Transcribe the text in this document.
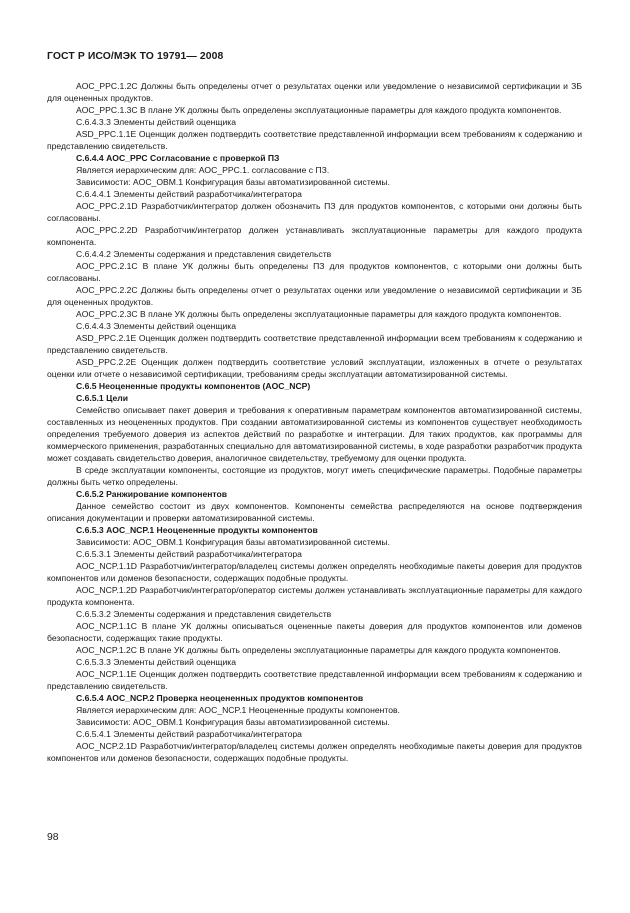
ГОСТ Р ИСО/МЭК ТО 19791— 2008

AOC_PPC.1.2C Должны быть определены отчет о результатах оценки или уведомление о независимой сертификации и ЗБ для оцененных продуктов.

AOC_PPC.1.3C В плане УК должны быть определены эксплуатационные параметры для каждого продукта компонентов.

С.6.4.3.3 Элементы действий оценщика

ASD_PPC.1.1E Оценщик должен подтвердить соответствие представленной информации всем требованиям к содержанию и представлению свидетельств.

С.6.4.4 AOC_PPC Согласование с проверкой ПЗ

Является иерархическим для: AOC_PPC.1. согласование с ПЗ.

Зависимости: AOC_OBM.1 Конфигурация базы автоматизированной системы.

С.6.4.4.1 Элементы действий разработчика/интегратора

AOC_PPC.2.1D Разработчик/интегратор должен обозначить ПЗ для продуктов компонентов, с которыми они должны быть согласованы.

AOC_PPC.2.2D Разработчик/интегратор должен устанавливать эксплуатационные параметры для каждого продукта компонента.

С.6.4.4.2 Элементы содержания и представления свидетельств

AOC_PPC.2.1C В плане УК должны быть определены ПЗ для продуктов компонентов, с которыми они должны быть согласованы.

AOC_PPC.2.2C Должны быть определены отчет о результатах оценки или уведомление о независимой сертификации и ЗБ для оцененных продуктов.

AOC_PPC.2.3C В плане УК должны быть определены эксплуатационные параметры для каждого продукта компонентов.

С.6.4.4.3 Элементы действий оценщика

ASD_PPC.2.1E Оценщик должен подтвердить соответствие представленной информации всем требованиям к содержанию и представлению свидетельств.

ASD_PPC.2.2E Оценщик должен подтвердить соответствие условий эксплуатации, изложенных в отчете о результатах оценки или отчете о независимой сертификации, требованиям среды эксплуатации автоматизированной системы.

С.6.5 Неоцененные продукты компонентов (AOC_NCP)

С.6.5.1 Цели

Семейство описывает пакет доверия и требования к оперативным параметрам компонентов автоматизированной системы, составленных из неоцененных продуктов. При создании автоматизированной системы из компонентов существует необходимость определения требуемого доверия из аспектов действий по разработке и интеграции. Для таких продуктов, как программы для коммерческого применения, разработанных специально для автоматизированной системы, в ходе разработки разработчик продукта может создавать свидетельство доверия, аналогичное свидетельству, требуемому для оценки продукта.

В среде эксплуатации компоненты, состоящие из продуктов, могут иметь специфические параметры. Подобные параметры должны быть четко определены.

С.6.5.2 Ранжирование компонентов

Данное семейство состоит из двух компонентов. Компоненты семейства распределяются на основе подтверждения описания документации и проверки автоматизированной системы.

С.6.5.3 AOC_NCP.1 Неоцененные продукты компонентов

Зависимости: AOC_OBM.1 Конфигурация базы автоматизированной системы.

С.6.5.3.1 Элементы действий разработчика/интегратора

AOC_NCP.1.1D Разработчик/интегратор/владелец системы должен определять необходимые пакеты доверия для продуктов компонентов или доменов безопасности, содержащих подобные продукты.

AOC_NCP.1.2D Разработчик/интегратор/оператор системы должен устанавливать эксплуатационные параметры для каждого продукта компонента.

С.6.5.3.2 Элементы содержания и представления свидетельств

AOC_NCP.1.1C В плане УК должны описываться оцененные пакеты доверия для продуктов компонентов или доменов безопасности, содержащих такие продукты.

AOC_NCP.1.2C В плане УК должны быть определены эксплуатационные параметры для каждого продукта компонентов.

С.6.5.3.3 Элементы действий оценщика

AOC_NCP.1.1E Оценщик должен подтвердить соответствие представленной информации всем требованиям к содержанию и представлению свидетельств.

С.6.5.4 AOC_NCP.2 Проверка неоцененных продуктов компонентов

Является иерархическим для: AOC_NCP.1 Неоцененные продукты компонентов.

Зависимости: AOC_OBM.1 Конфигурация базы автоматизированной системы.

С.6.5.4.1 Элементы действий разработчика/интегратора

AOC_NCP.2.1D Разработчик/интегратор/владелец системы должен определять необходимые пакеты доверия для продуктов компонентов или доменов безопасности, содержащих подобные продукты.

98
